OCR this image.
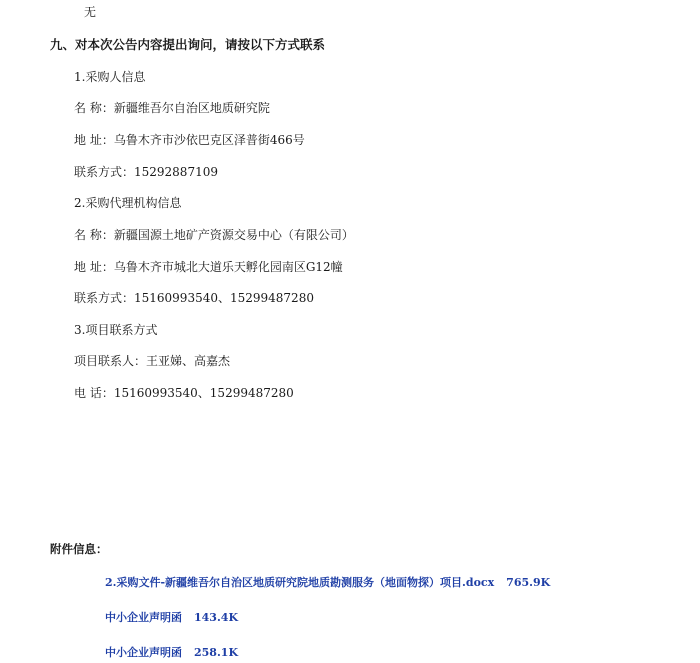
无
九、对本次公告内容提出询问，请按以下方式联系
1.采购人信息
名 称：新疆维吾尔自治区地质研究院
地 址：乌鲁木齐市沙依巴克区泽普街466号
联系方式：15292887109
2.采购代理机构信息
名 称：新疆国源土地矿产资源交易中心（有限公司）
地 址：乌鲁木齐市城北大道乐天孵化园南区G12幢
联系方式：15160993540、15299487280
3.项目联系方式
项目联系人：王亚娣、高嘉杰
电 话：15160993540、15299487280
附件信息：
2.采购文件-新疆维吾尔自治区地质研究院地质勘测服务（地面物探）项目.docx 765.9K
中小企业声明函 143.4K
中小企业声明函 258.1K
